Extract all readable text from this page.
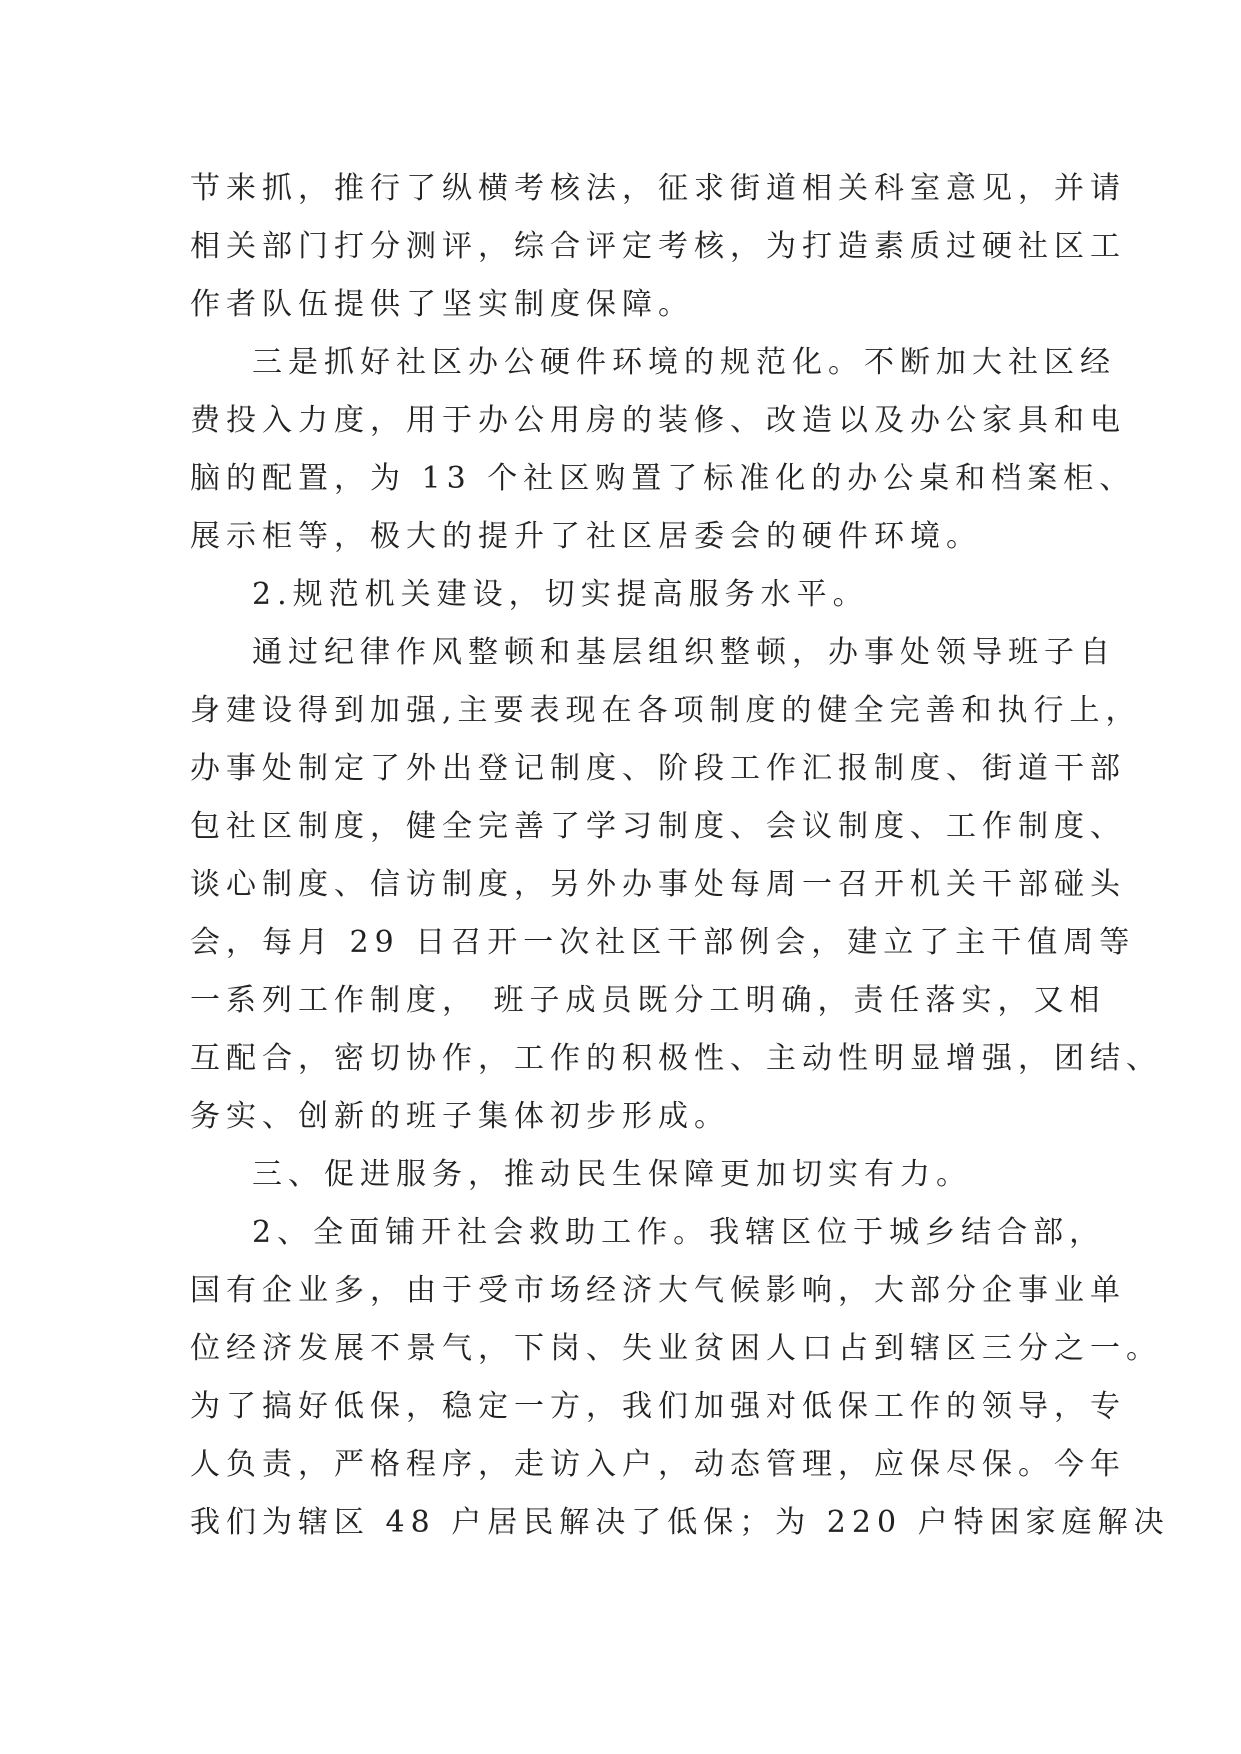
节来抓，推行了纵横考核法，征求街道相关科室意见，并请
相关部门打分测评，综合评定考核，为打造素质过硬社区工
作者队伍提供了坚实制度保障。
三是抓好社区办公硬件环境的规范化。不断加大社区经
费投入力度，用于办公用房的装修、改造以及办公家具和电
脑的配置，为 13 个社区购置了标准化的办公桌和档案柜、
展示柜等，极大的提升了社区居委会的硬件环境。
2.规范机关建设，切实提高服务水平。
通过纪律作风整顿和基层组织整顿，办事处领导班子自
身建设得到加强,主要表现在各项制度的健全完善和执行上，
办事处制定了外出登记制度、阶段工作汇报制度、街道干部
包社区制度，健全完善了学习制度、会议制度、工作制度、
谈心制度、信访制度，另外办事处每周一召开机关干部碰头
会，每月 29 日召开一次社区干部例会，建立了主干值周等
一系列工作制度， 班子成员既分工明确，责任落实，又相
互配合，密切协作，工作的积极性、主动性明显增强，团结、
务实、创新的班子集体初步形成。
三、促进服务，推动民生保障更加切实有力。
2、全面铺开社会救助工作。我辖区位于城乡结合部，
国有企业多，由于受市场经济大气候影响，大部分企事业单
位经济发展不景气，下岗、失业贫困人口占到辖区三分之一。
为了搞好低保，稳定一方，我们加强对低保工作的领导，专
人负责，严格程序，走访入户，动态管理，应保尽保。今年
我们为辖区 48 户居民解决了低保；为 220 户特困家庭解决
